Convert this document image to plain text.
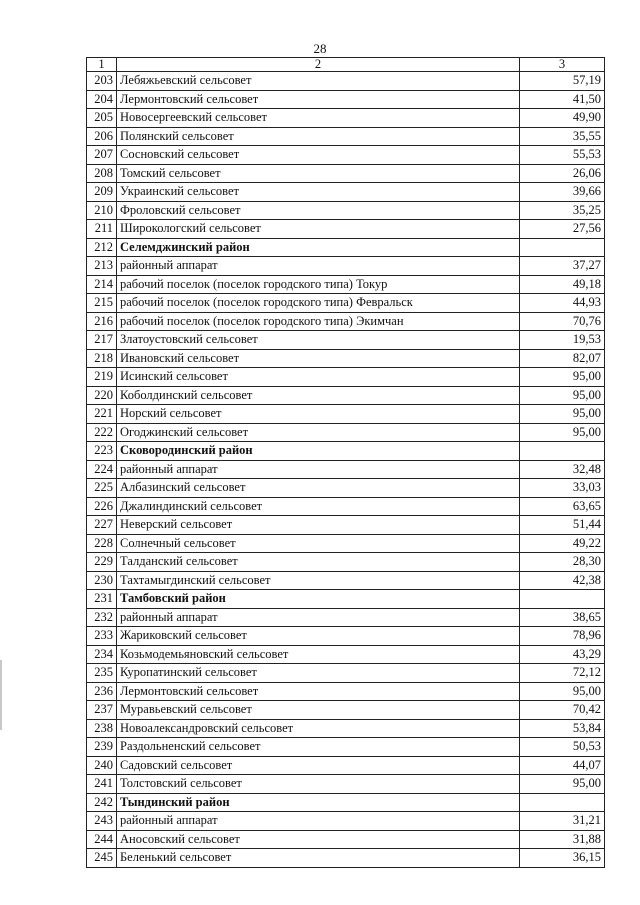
28
1	2	3
203	Лебяжьевский сельсовет	57,19
204	Лермонтовский сельсовет	41,50
205	Новосергеевский сельсовет	49,90
206	Полянский сельсовет	35,55
207	Сосновский сельсовет	55,53
208	Томский сельсовет	26,06
209	Украинский сельсовет	39,66
210	Фроловский сельсовет	35,25
211	Широкологский сельсовет	27,56
212	Селемджинский район	
213	районный аппарат	37,27
214	рабочий поселок (поселок городского типа) Токур	49,18
215	рабочий поселок (поселок городского типа) Февральск	44,93
216	рабочий поселок (поселок городского типа) Экимчан	70,76
217	Златоустовский сельсовет	19,53
218	Ивановский сельсовет	82,07
219	Исинский сельсовет	95,00
220	Коболдинский сельсовет	95,00
221	Норский сельсовет	95,00
222	Огоджинский сельсовет	95,00
223	Сковородинский район	
224	районный аппарат	32,48
225	Албазинский сельсовет	33,03
226	Джалиндинский сельсовет	63,65
227	Неверский сельсовет	51,44
228	Солнечный сельсовет	49,22
229	Талданский сельсовет	28,30
230	Тахтамыгдинский сельсовет	42,38
231	Тамбовский район	
232	районный аппарат	38,65
233	Жариковский сельсовет	78,96
234	Козьмодемьяновский сельсовет	43,29
235	Куропатинский сельсовет	72,12
236	Лермонтовский сельсовет	95,00
237	Муравьевский сельсовет	70,42
238	Новоалександровский сельсовет	53,84
239	Раздольненский сельсовет	50,53
240	Садовский сельсовет	44,07
241	Толстовский сельсовет	95,00
242	Тындинский район	
243	районный аппарат	31,21
244	Аносовский сельсовет	31,88
245	Беленький сельсовет	36,15
